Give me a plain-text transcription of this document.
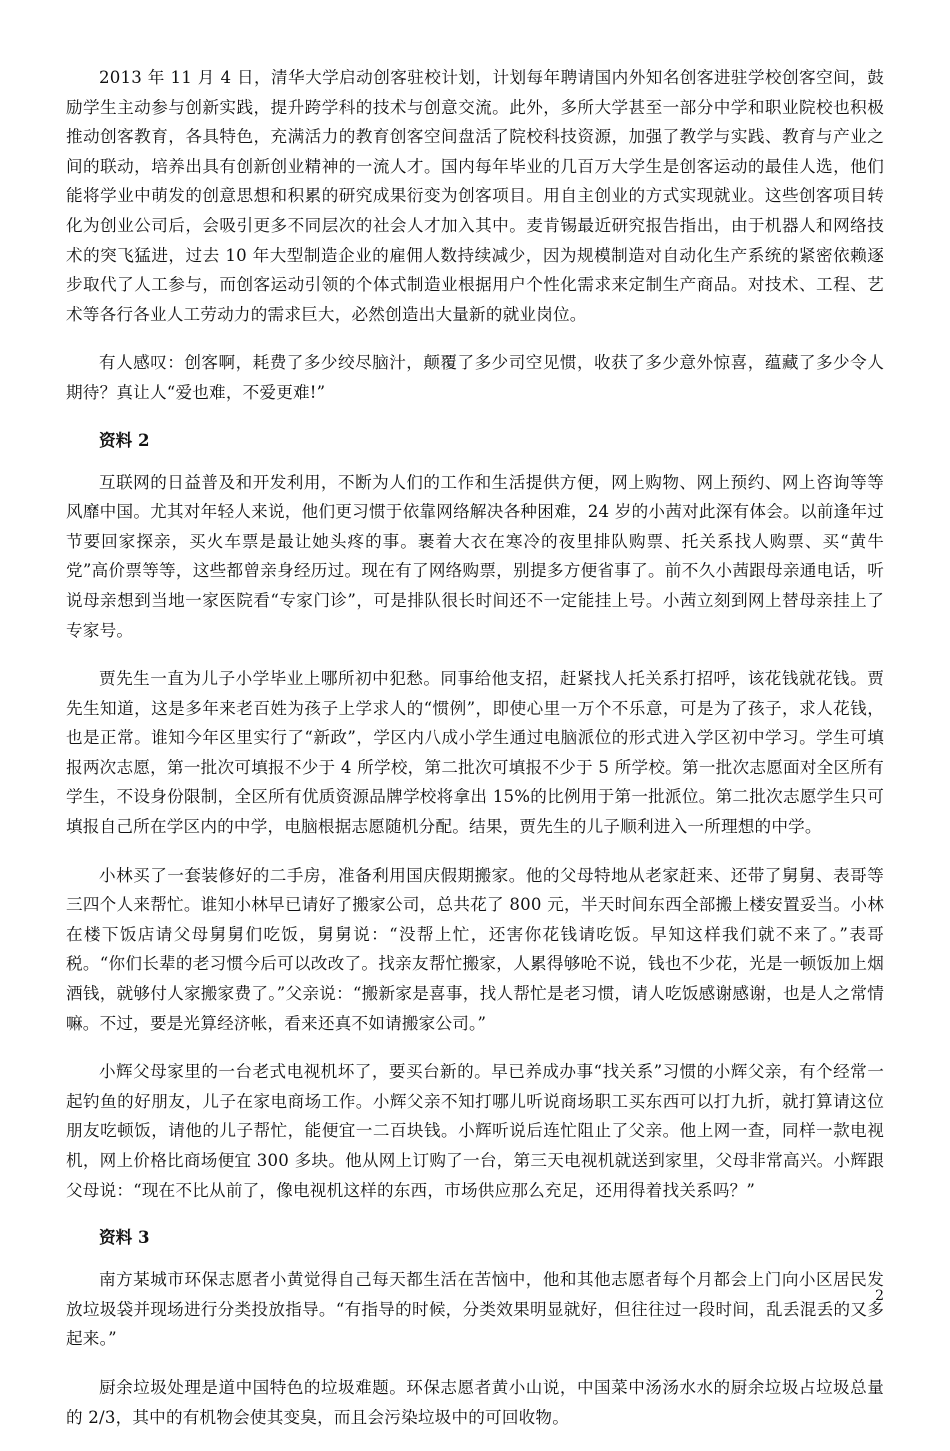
2013 年 11 月 4 日，清华大学启动创客驻校计划，计划每年聘请国内外知名创客进驻学校创客空间，鼓励学生主动参与创新实践，提升跨学科的技术与创意交流。此外，多所大学甚至一部分中学和职业院校也积极推动创客教育，各具特色，充满活力的教育创客空间盘活了院校科技资源，加强了教学与实践、教育与产业之间的联动，培养出具有创新创业精神的一流人才。国内每年毕业的几百万大学生是创客运动的最佳人选，他们能将学业中萌发的创意思想和积累的研究成果衍变为创客项目。用自主创业的方式实现就业。这些创客项目转化为创业公司后，会吸引更多不同层次的社会人才加入其中。麦肯锡最近研究报告指出，由于机器人和网络技术的突飞猛进，过去 10 年大型制造企业的雇佣人数持续减少，因为规模制造对自动化生产系统的紧密依赖逐步取代了人工参与，而创客运动引领的个体式制造业根据用户个性化需求来定制生产商品。对技术、工程、艺术等各行各业人工劳动力的需求巨大，必然创造出大量新的就业岗位。

有人感叹：创客啊，耗费了多少绞尽脑汁，颠覆了多少司空见惯，收获了多少意外惊喜，蕴藏了多少令人期待？真让人“爱也难，不爱更难!”

资料 2

互联网的日益普及和开发利用，不断为人们的工作和生活提供方便，网上购物、网上预约、网上咨询等等风靡中国。尤其对年轻人来说，他们更习惯于依靠网络解决各种困难，24 岁的小茜对此深有体会。以前逢年过节要回家探亲，买火车票是最让她头疼的事。裹着大衣在寒冷的夜里排队购票、托关系找人购票、买“黄牛党”高价票等等，这些都曾亲身经历过。现在有了网络购票，别提多方便省事了。前不久小茜跟母亲通电话，听说母亲想到当地一家医院看“专家门诊”，可是排队很长时间还不一定能挂上号。小茜立刻到网上替母亲挂上了专家号。

贾先生一直为儿子小学毕业上哪所初中犯愁。同事给他支招，赶紧找人托关系打招呼，该花钱就花钱。贾先生知道，这是多年来老百姓为孩子上学求人的“惯例”，即使心里一万个不乐意，可是为了孩子，求人花钱，也是正常。谁知今年区里实行了“新政”，学区内八成小学生通过电脑派位的形式进入学区初中学习。学生可填报两次志愿，第一批次可填报不少于 4 所学校，第二批次可填报不少于 5 所学校。第一批次志愿面对全区所有学生，不设身份限制，全区所有优质资源品牌学校将拿出 15%的比例用于第一批派位。第二批次志愿学生只可填报自己所在学区内的中学，电脑根据志愿随机分配。结果，贾先生的儿子顺利进入一所理想的中学。

小林买了一套装修好的二手房，准备利用国庆假期搬家。他的父母特地从老家赶来、还带了舅舅、表哥等三四个人来帮忙。谁知小林早已请好了搬家公司，总共花了 800 元，半天时间东西全部搬上楼安置妥当。小林在楼下饭店请父母舅舅们吃饭，舅舅说：“没帮上忙，还害你花钱请吃饭。早知这样我们就不来了。”表哥税。“你们长辈的老习惯今后可以改改了。找亲友帮忙搬家，人累得够呛不说，钱也不少花，光是一顿饭加上烟酒钱，就够付人家搬家费了。”父亲说：“搬新家是喜事，找人帮忙是老习惯，请人吃饭感谢感谢，也是人之常情嘛。不过，要是光算经济帐，看来还真不如请搬家公司。”

小辉父母家里的一台老式电视机坏了，要买台新的。早已养成办事“找关系”习惯的小辉父亲，有个经常一起钓鱼的好朋友，儿子在家电商场工作。小辉父亲不知打哪儿听说商场职工买东西可以打九折，就打算请这位朋友吃顿饭，请他的儿子帮忙，能便宜一二百块钱。小辉听说后连忙阻止了父亲。他上网一查，同样一款电视机，网上价格比商场便宜 300 多块。他从网上订购了一台，第三天电视机就送到家里，父母非常高兴。小辉跟父母说：“现在不比从前了，像电视机这样的东西，市场供应那么充足，还用得着找关系吗？”

资料 3

南方某城市环保志愿者小黄觉得自己每天都生活在苦恼中，他和其他志愿者每个月都会上门向小区居民发放垃圾袋并现场进行分类投放指导。“有指导的时候，分类效果明显就好，但往往过一段时间，乱丢混丢的又多起来。”

厨余垃圾处理是道中国特色的垃圾难题。环保志愿者黄小山说，中国菜中汤汤水水的厨余垃圾占垃圾总量的 2/3，其中的有机物会使其变臭，而且会污染垃圾中的可回收物。

2
